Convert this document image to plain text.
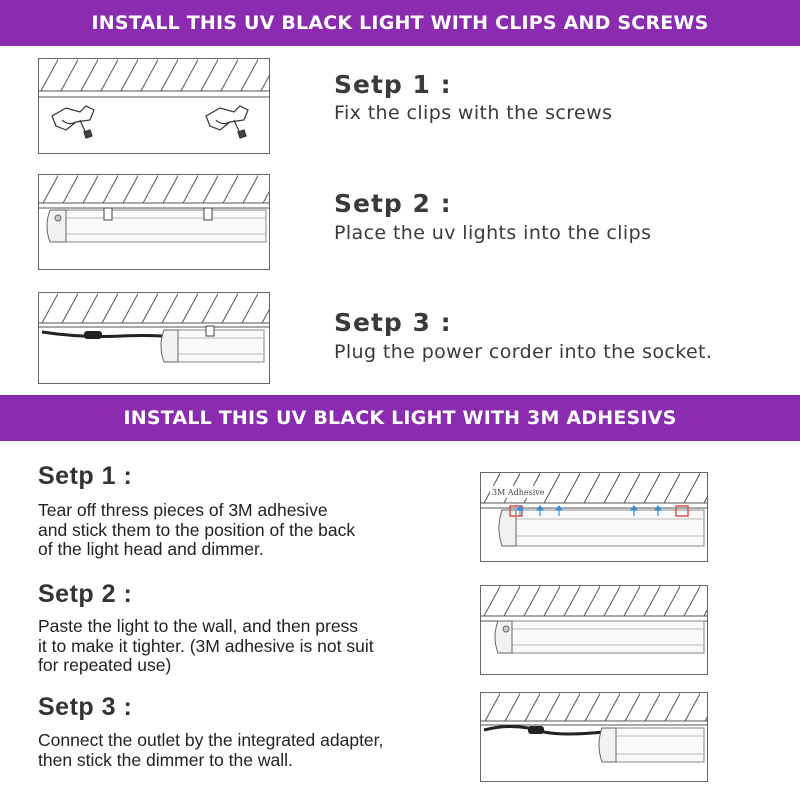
INSTALL THIS UV BLACK LIGHT WITH CLIPS AND SCREWS
Setp 1 :
Fix the clips with the screws
Setp 2 :
Place the uv lights into the clips
Setp 3 :
Plug the power corder into the socket.
INSTALL THIS UV BLACK LIGHT WITH 3M ADHESIVS
Setp 1 :
Tear off thress pieces of 3M adhesive
and stick them to the position of the back
of the light head and dimmer.
Setp 2 :
Paste the light to the wall, and then press
it to make it tighter. (3M adhesive is not suit
for repeated use)
Setp 3 :
Connect the outlet by the integrated adapter,
then stick the dimmer to the wall.
3M Adhesive
